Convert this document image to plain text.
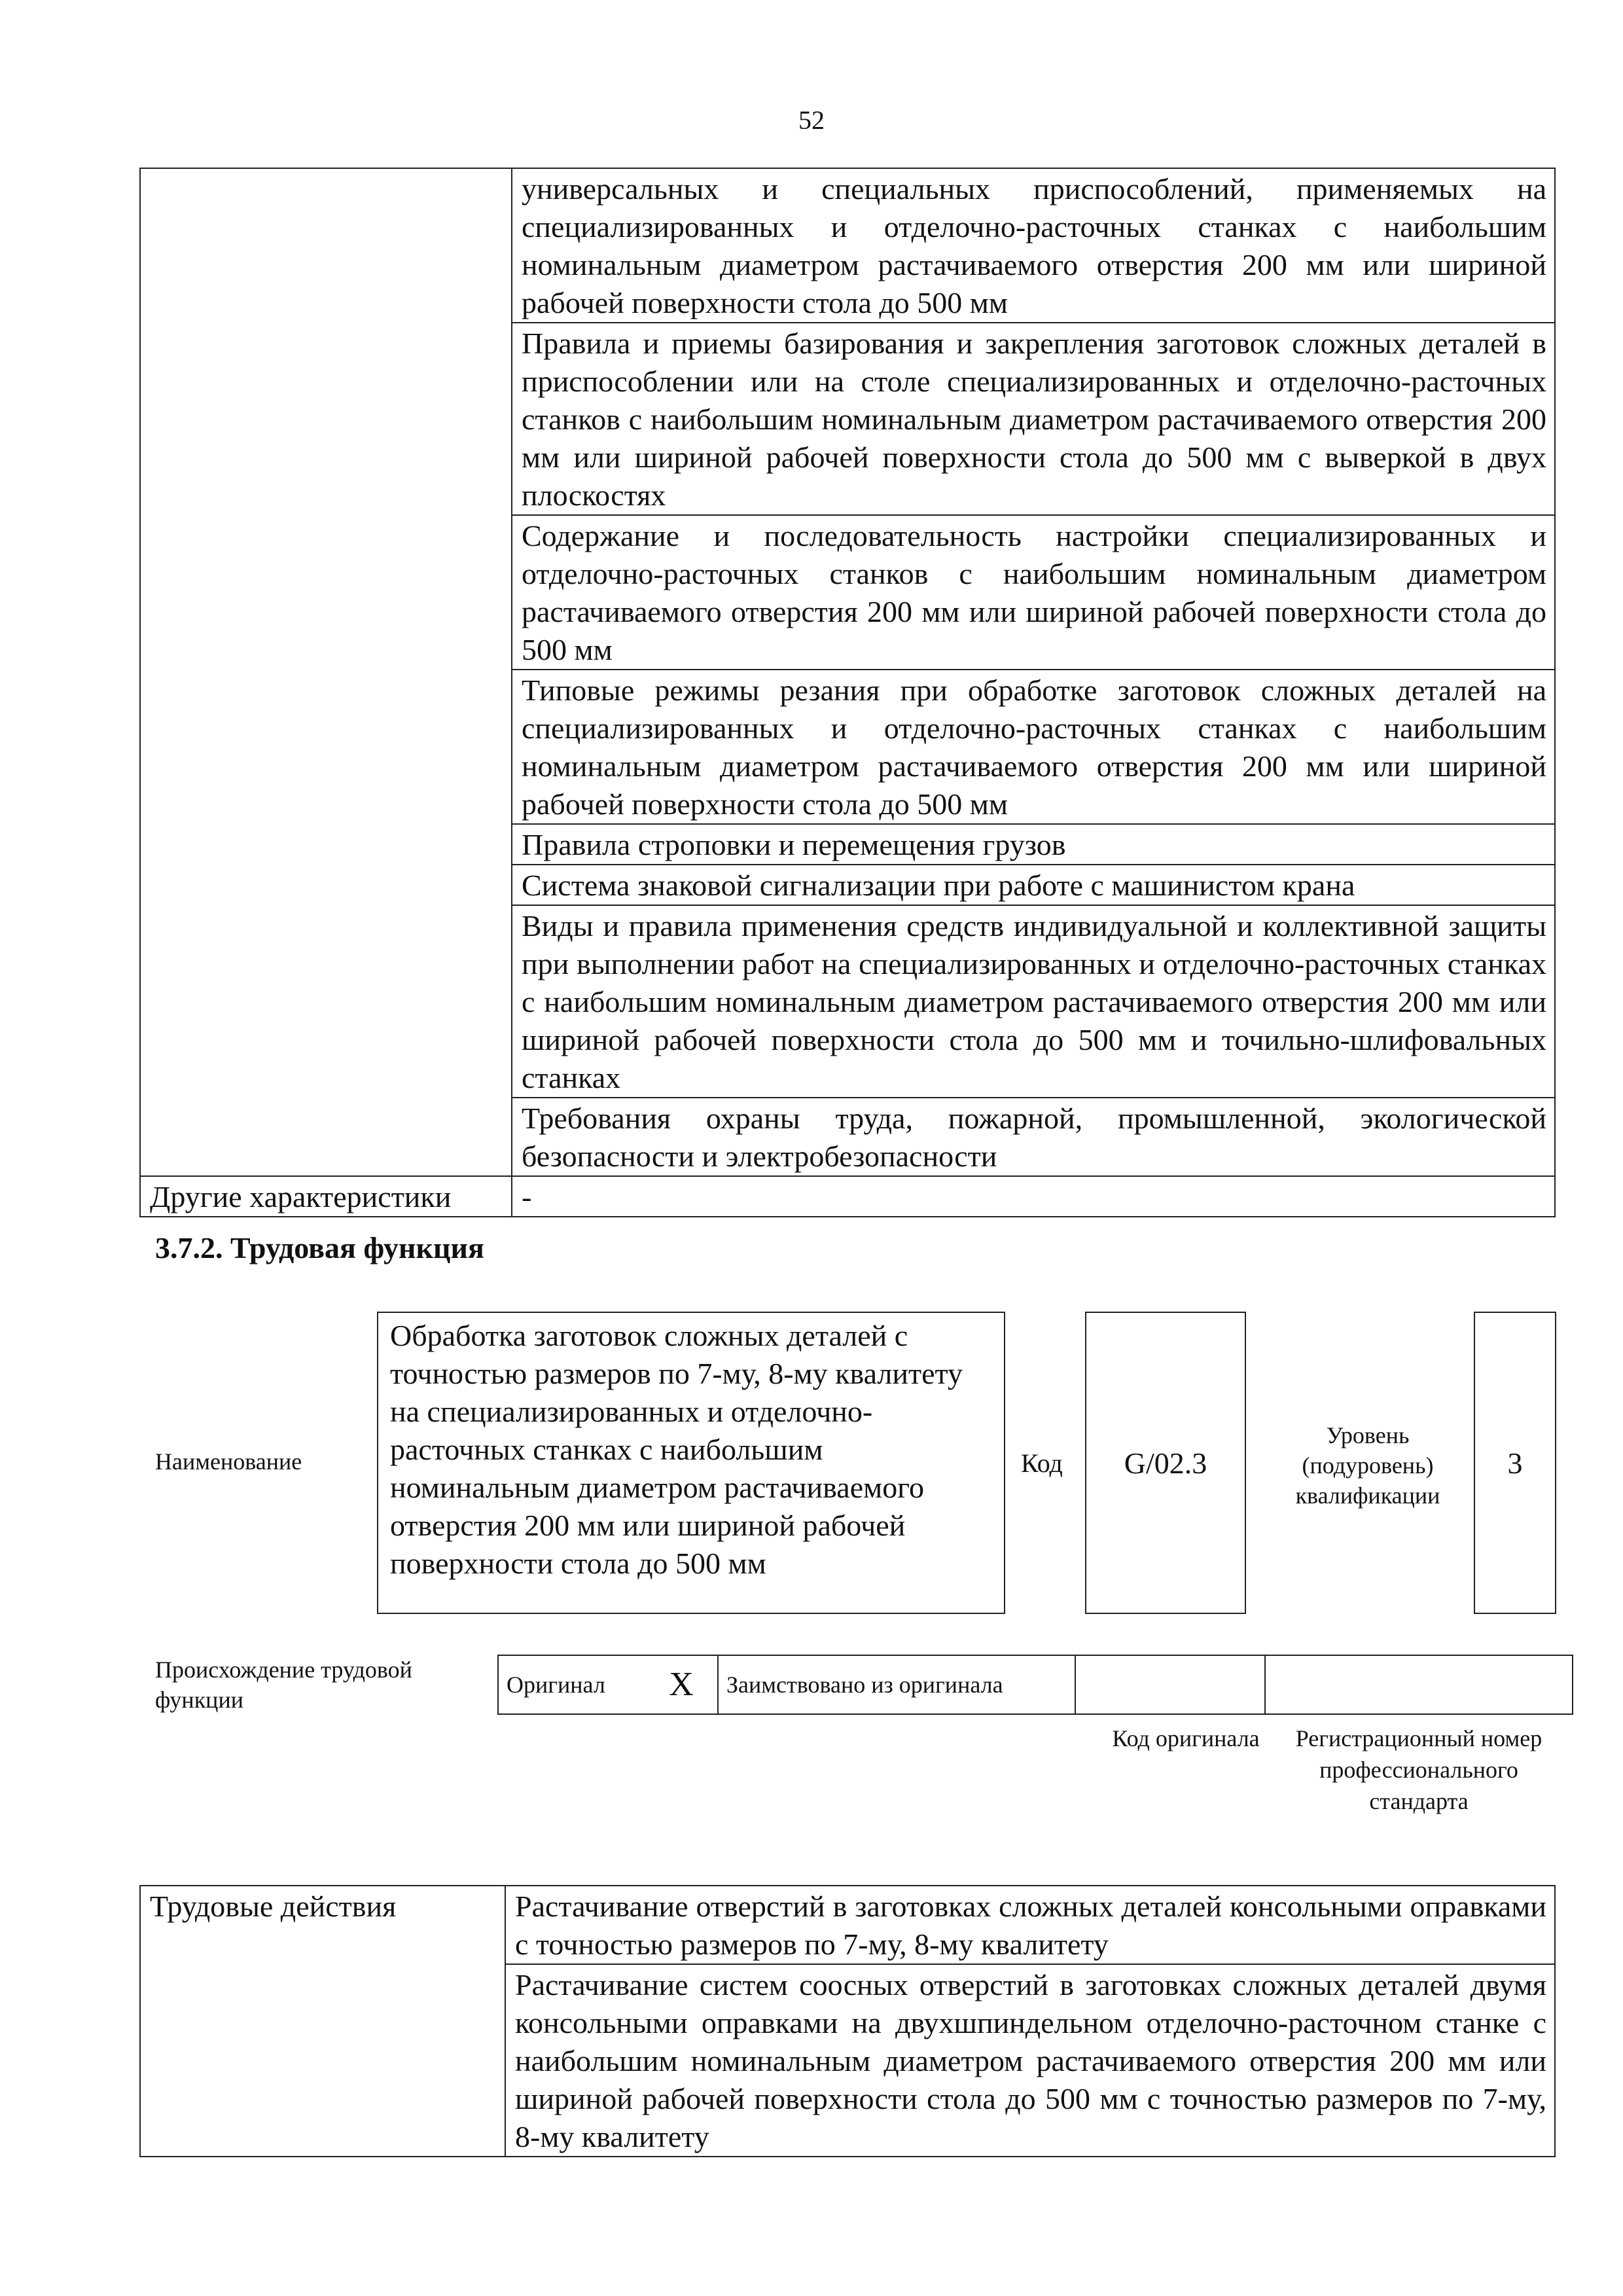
52
	универсальных и специальных приспособлений, применяемых на специализированных и отделочно-расточных станках с наибольшим номинальным диаметром растачиваемого отверстия 200 мм или шириной рабочей поверхности стола до 500 мм
	Правила и приемы базирования и закрепления заготовок сложных деталей в приспособлении или на столе специализированных и отделочно-расточных станков с наибольшим номинальным диаметром растачиваемого отверстия 200 мм или шириной рабочей поверхности стола до 500 мм с выверкой в двух плоскостях
	Содержание и последовательность настройки специализированных и отделочно-расточных станков с наибольшим номинальным диаметром растачиваемого отверстия 200 мм или шириной рабочей поверхности стола до 500 мм
	Типовые режимы резания при обработке заготовок сложных деталей на специализированных и отделочно-расточных станках с наибольшим номинальным диаметром растачиваемого отверстия 200 мм или шириной рабочей поверхности стола до 500 мм
	Правила строповки и перемещения грузов
	Система знаковой сигнализации при работе с машинистом крана
	Виды и правила применения средств индивидуальной и коллективной защиты при выполнении работ на специализированных и отделочно-расточных станках с наибольшим номинальным диаметром растачиваемого отверстия 200 мм или шириной рабочей поверхности стола до 500 мм и точильно-шлифовальных станках
	Требования охраны труда, пожарной, промышленной, экологической безопасности и электробезопасности
Другие характеристики	-
3.7.2. Трудовая функция
Наименование
Обработка заготовок сложных деталей с точностью размеров по 7-му, 8-му квалитету на специализированных и отделочно-расточных станках с наибольшим номинальным диаметром растачиваемого отверстия 200 мм или шириной рабочей поверхности стола до 500 мм
Код G/02.3
Уровень (подуровень) квалификации
3
Происхождение трудовой функции
Оригинал	X	Заимствовано из оригинала		
Код оригинала	Регистрационный номер профессионального стандарта
Трудовые действия	Растачивание отверстий в заготовках сложных деталей консольными оправками с точностью размеров по 7-му, 8-му квалитету
Растачивание систем соосных отверстий в заготовках сложных деталей двумя консольными оправками на двухшпиндельном отделочно-расточном станке с наибольшим номинальным диаметром растачиваемого отверстия 200 мм или шириной рабочей поверхности стола до 500 мм с точностью размеров по 7-му, 8-му квалитету
